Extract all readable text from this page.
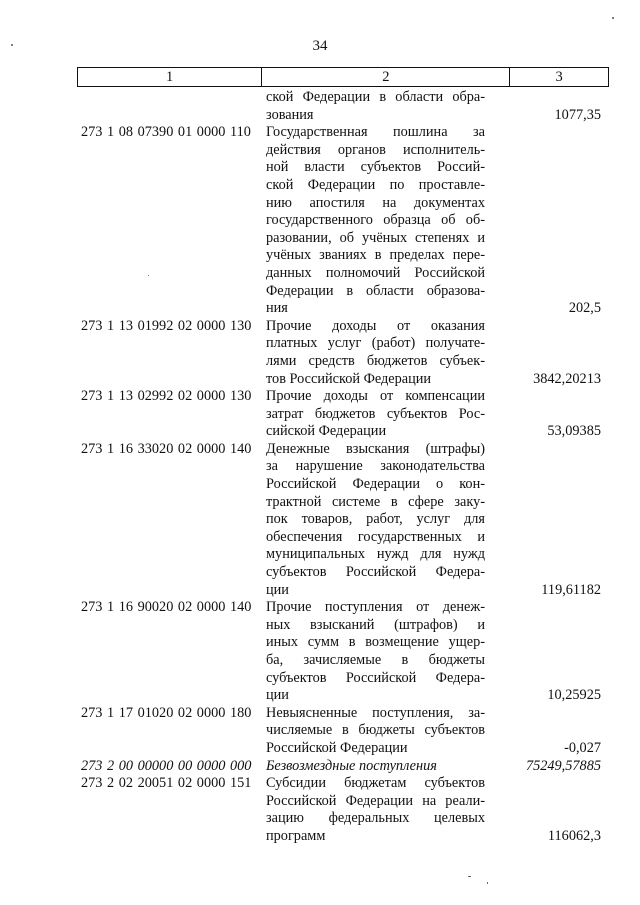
34
1	2	3
ской Федерации в области обра-
зования	1077,35
273 1 08 07390 01 0000 110	Государственная пошлина за
действия органов исполнитель-
ной власти субъектов Россий-
ской Федерации по проставле-
нию апостиля на документах
государственного образца об об-
разовании, об учёных степенях и
учёных званиях в пределах пере-
данных полномочий Российской
Федерации в области образова-
ния	202,5
273 1 13 01992 02 0000 130	Прочие доходы от оказания
платных услуг (работ) получате-
лями средств бюджетов субъек-
тов Российской Федерации	3842,20213
273 1 13 02992 02 0000 130	Прочие доходы от компенсации
затрат бюджетов субъектов Рос-
сийской Федерации	53,09385
273 1 16 33020 02 0000 140	Денежные взыскания (штрафы)
за нарушение законодательства
Российской Федерации о кон-
трактной системе в сфере заку-
пок товаров, работ, услуг для
обеспечения государственных и
муниципальных нужд для нужд
субъектов Российской Федера-
ции	119,61182
273 1 16 90020 02 0000 140	Прочие поступления от денеж-
ных взысканий (штрафов) и
иных сумм в возмещение ущер-
ба, зачисляемые в бюджеты
субъектов Российской Федера-
ции	10,25925
273 1 17 01020 02 0000 180	Невыясненные поступления, за-
числяемые в бюджеты субъектов
Российской Федерации	-0,027
273 2 00 00000 00 0000 000	Безвозмездные поступления	75249,57885
273 2 02 20051 02 0000 151	Субсидии бюджетам субъектов
Российской Федерации на реали-
зацию федеральных целевых
программ	116062,3
